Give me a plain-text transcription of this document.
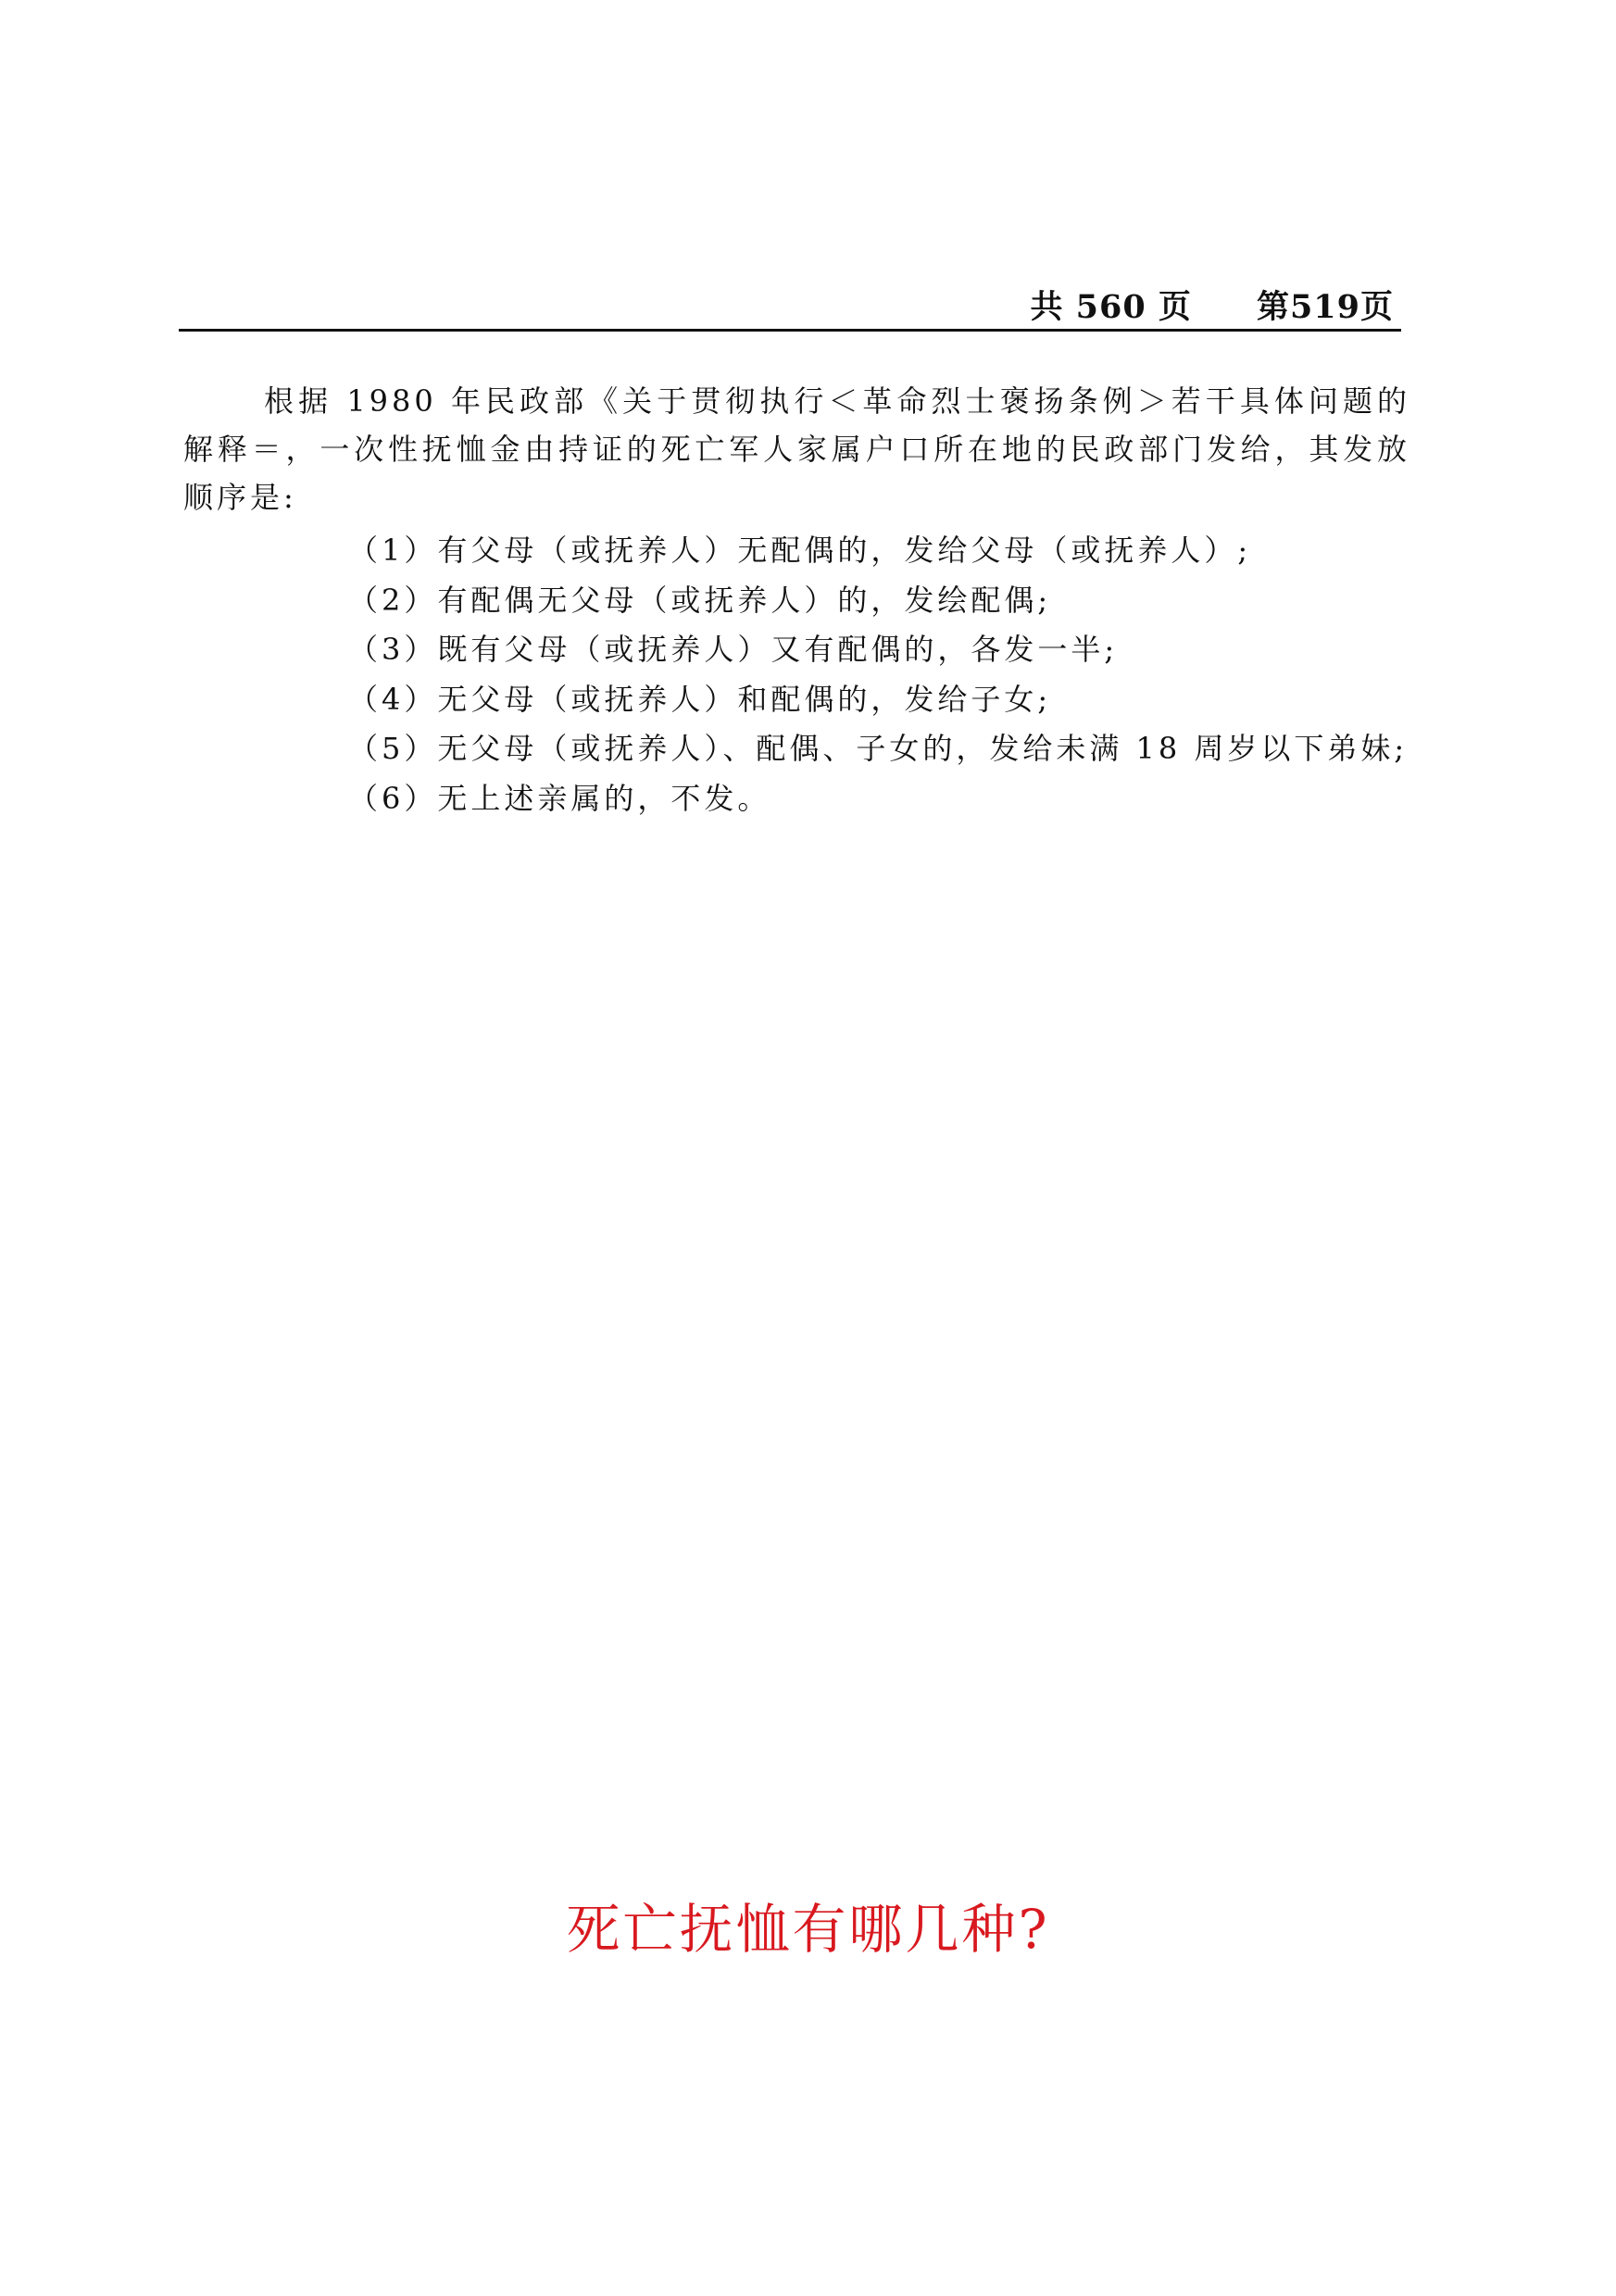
共 560 页 第519页

根据 1980 年民政部《关于贯彻执行＜革命烈士褒扬条例＞若干具体问题的解释＝，一次性抚恤金由持证的死亡军人家属户口所在地的民政部门发给，其发放顺序是:

（1）有父母（或抚养人）无配偶的，发给父母（或抚养人）;
（2）有配偶无父母（或抚养人）的，发绘配偶;
（3）既有父母（或抚养人）又有配偶的，各发一半;
（4）无父母（或抚养人）和配偶的，发给子女;
（5）无父母（或抚养人）、配偶、子女的，发给未满 18 周岁以下弟妹;
（6）无上述亲属的，不发。
死亡抚恤有哪几种?
